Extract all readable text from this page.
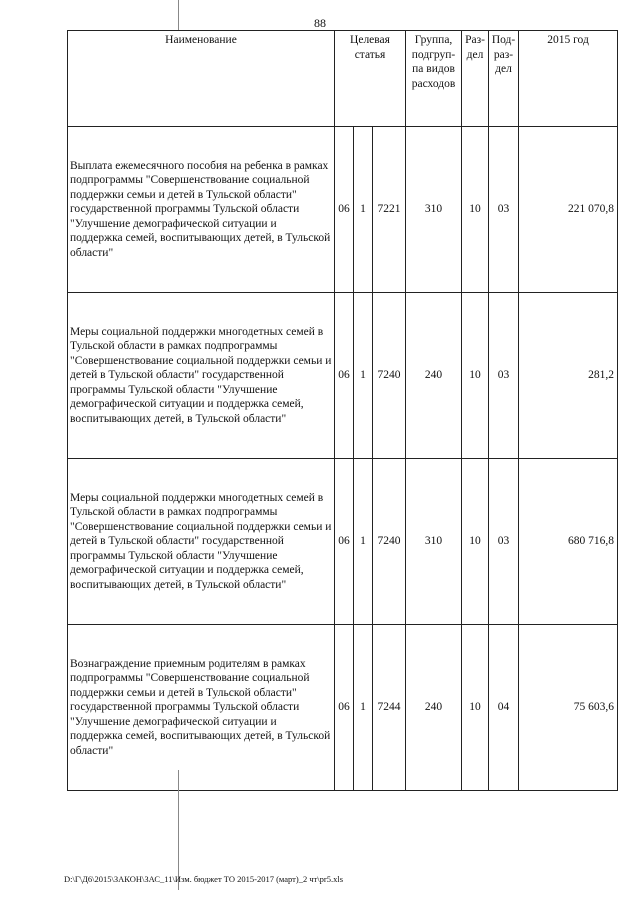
88
Наименование	Целевая статья			Группа, подгруп-па видов расходов	Раз-дел	Под-раз-дел	2015 год
Выплата ежемесячного пособия на ребенка в рамках подпрограммы "Совершенствование социальной поддержки семьи и детей в Тульской области" государственной программы Тульской области "Улучшение демографической ситуации и поддержка семей, воспитывающих детей, в Тульской области"	06	1	7221	310	10	03	221 070,8
Меры социальной поддержки многодетных семей в Тульской области в рамках подпрограммы "Совершенствование социальной поддержки семьи и детей в Тульской области" государственной программы Тульской области "Улучшение демографической ситуации и поддержка семей, воспитывающих детей, в Тульской области"	06	1	7240	240	10	03	281,2
Меры социальной поддержки многодетных семей в Тульской области в рамках подпрограммы "Совершенствование социальной поддержки семьи и детей в Тульской области" государственной программы Тульской области "Улучшение демографической ситуации и поддержка семей, воспитывающих детей, в Тульской области"	06	1	7240	310	10	03	680 716,8
Вознаграждение приемным родителям в рамках подпрограммы "Совершенствование социальной поддержки семьи и детей в Тульской области" государственной программы Тульской области "Улучшение демографической ситуации и поддержка семей, воспитывающих детей, в Тульской области"	06	1	7244	240	10	04	75 603,6
D:\Г\Д6\2015\ЗАКОН\ЗАС_11\Изм. бюджет ТО 2015-2017 (март)_2 чт\pr5.xls
